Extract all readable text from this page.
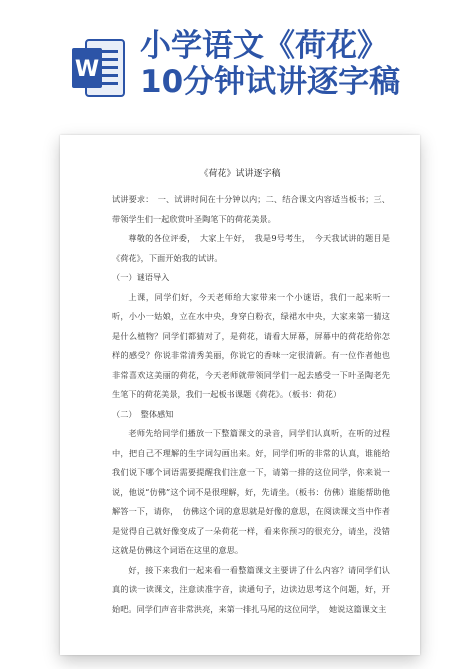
W
小学语文《荷花》
10分钟试讲逐字稿
《荷花》试讲逐字稿

试讲要求：　一、试讲时间在十分钟以内；二、结合课文内容适当板书；三、带领学生们一起欣赏叶圣陶笔下的荷花美景。

尊敬的各位评委，　大家上午好，　我是9号考生，　今天我试讲的题目是《荷花》，下面开始我的试讲。

（一）谜语导入

上课，同学们好，今天老师给大家带来一个小谜语，我们一起来听一听，小小一姑娘，立在水中央，身穿白粉衣，绿裙水中央，大家来第一猜这是什么植物？同学们都猜对了，是荷花，请看大屏幕，屏幕中的荷花给你怎样的感受？你说非常清秀美丽，你说它的香味一定很清新。有一位作者他也非常喜欢这美丽的荷花，今天老师就带领同学们一起去感受一下叶圣陶老先生笔下的荷花美景，我们一起板书课题《荷花》。（板书：荷花）

（二）　整体感知

老师先给同学们播放一下整篇课文的录音，同学们认真听，在听的过程中，把自己不理解的生字词勾画出来。好，同学们听的非常的认真，谁能给我们说下哪个词语需要提醒我们注意一下，请第一排的这位同学，你来说一说，他说“仿佛”这个词不是很理解，好，先请坐。（板书：仿佛）谁能帮助他解答一下，请你，　仿佛这个词的意思就是好像的意思，在阅读课文当中作者是觉得自己就好像变成了一朵荷花一样，看来你预习的很充分，请坐，没错这就是仿佛这个词语在这里的意思。

好，接下来我们一起来看一看整篇课文主要讲了什么内容？请同学们认真的读一读课文，注意读准字音，读通句子，边读边思考这个问题，好，开始吧。同学们声音非常洪亮，来第一排扎马尾的这位同学，　她说这篇课文主
